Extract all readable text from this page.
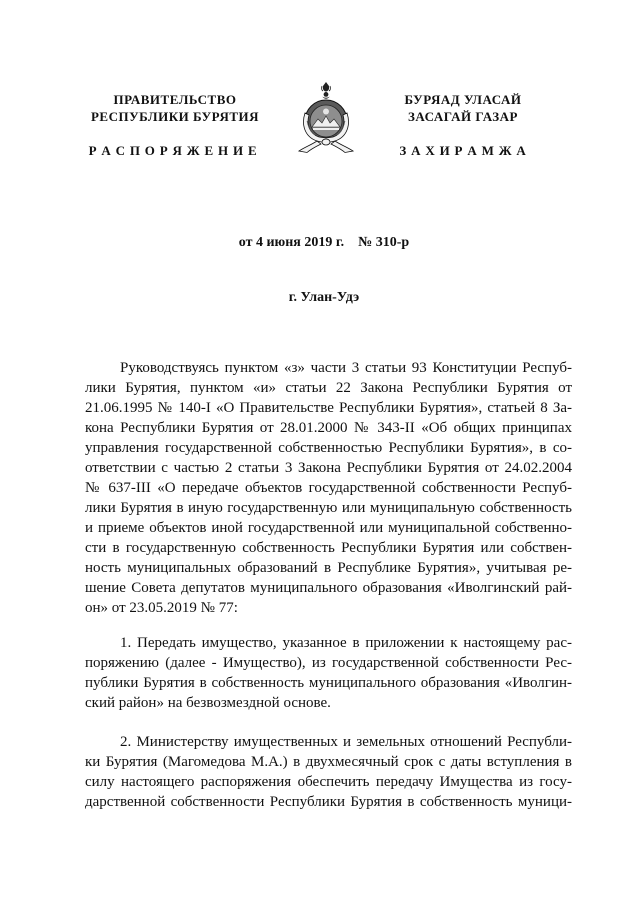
ПРАВИТЕЛЬСТВО
РЕСПУБЛИКИ БУРЯТИЯ
БУРЯАД УЛАСАЙ
ЗАСАГАЙ ГАЗАР
Р А С П О Р Я Ж Е Н И Е	З А Х И Р А М Ж А
от 4 июня 2019 г. № 310-р
г. Улан-Удэ
Руководствуясь пунктом «з» части 3 статьи 93 Конституции Респуб-
лики Бурятия, пунктом «и» статьи 22 Закона Республики Бурятия от
21.06.1995 № 140-I «О Правительстве Республики Бурятия», статьей 8 За-
кона Республики Бурятия от 28.01.2000 № 343-II «Об общих принципах
управления государственной собственностью Республики Бурятия», в со-
ответствии с частью 2 статьи 3 Закона Республики Бурятия от 24.02.2004
№ 637-III «О передаче объектов государственной собственности Респуб-
лики Бурятия в иную государственную или муниципальную собственность
и приеме объектов иной государственной или муниципальной собственно-
сти в государственную собственность Республики Бурятия или собствен-
ность муниципальных образований в Республике Бурятия», учитывая ре-
шение Совета депутатов муниципального образования «Иволгинский рай-
он» от 23.05.2019 № 77:
1. Передать имущество, указанное в приложении к настоящему рас-
поряжению (далее - Имущество), из государственной собственности Рес-
публики Бурятия в собственность муниципального образования «Иволгин-
ский район» на безвозмездной основе.
2. Министерству имущественных и земельных отношений Республи-
ки Бурятия (Магомедова М.А.) в двухмесячный срок с даты вступления в
силу настоящего распоряжения обеспечить передачу Имущества из госу-
дарственной собственности Республики Бурятия в собственность муници-
